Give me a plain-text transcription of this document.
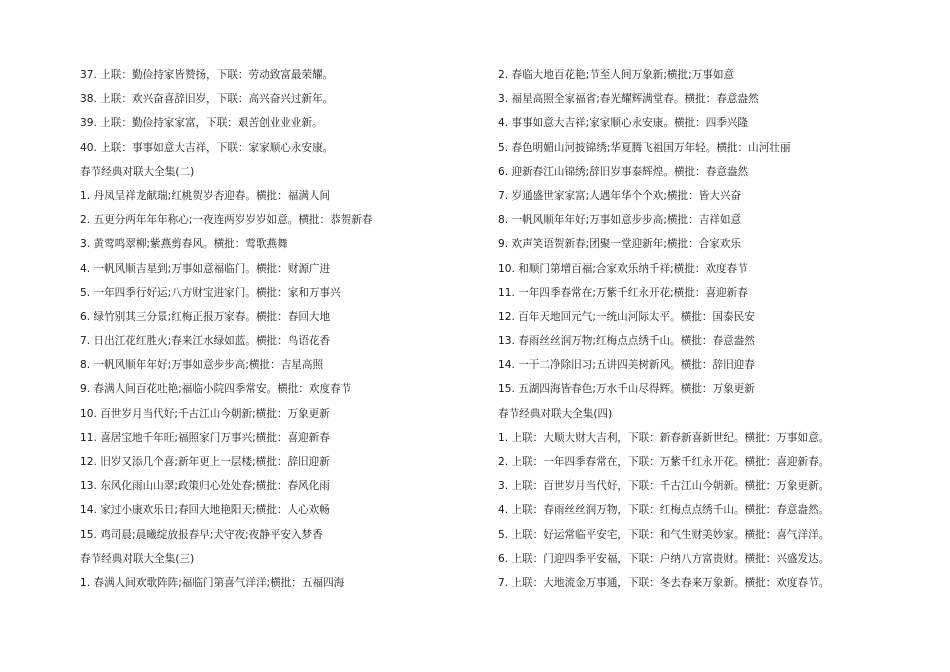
37. 上联：勤俭持家皆赞扬，下联：劳动致富最荣耀。
38. 上联：欢兴奋喜辞旧岁，下联：高兴奋兴过新年。
39. 上联：勤俭持家家富，下联：艰苦创业业业新。
40. 上联：事事如意大吉祥，下联：家家顺心永安康。
春节经典对联大全集(二)
1. 丹凤呈祥龙献瑞;红桃贺岁杏迎春。横批：福满人间
2. 五更分两年年年称心;一夜连两岁岁岁如意。横批：恭贺新春
3. 黄莺鸣翠柳;紫燕剪春风。横批：莺歌燕舞
4. 一帆风顺吉星到;万事如意福临门。横批：财源广进
5. 一年四季行好运;八方财宝进家门。横批：家和万事兴
6. 绿竹别其三分景;红梅正报万家春。横批：春回大地
7. 日出江花红胜火;春来江水绿如蓝。横批：鸟语花香
8. 一帆风顺年年好;万事如意步步高;横批：吉星高照
9. 春满人间百花吐艳;福临小院四季常安。横批：欢度春节
10. 百世岁月当代好;千古江山今朝新;横批：万象更新
11. 喜居宝地千年旺;福照家门万事兴;横批：喜迎新春
12. 旧岁又添几个喜;新年更上一层楼;横批：辞旧迎新
13. 东风化雨山山翠;政策归心处处春;横批：春风化雨
14. 家过小康欢乐日;春回大地艳阳天;横批：人心欢畅
15. 鸡司晨;晨曦绽放报春早;犬守夜;夜静平安入梦香
春节经典对联大全集(三)
1. 春满人间欢歌阵阵;福临门第喜气洋洋;横批：五福四海
2. 春临大地百花艳;节至人间万象新;横批;万事如意
3. 福星高照全家福省;春光耀辉满堂春。横批：春意盎然
4. 事事如意大吉祥;家家顺心永安康。横批：四季兴隆
5. 春色明媚山河披锦绣;华夏腾飞祖国万年轻。横批：山河壮丽
6. 迎新春江山锦绣;辞旧岁事泰辉煌。横批：春意盎然
7. 岁通盛世家家富;人遇年华个个欢;横批：皆大兴奋
8. 一帆风顺年年好;万事如意步步高;横批：吉祥如意
9. 欢声笑语贺新春;团聚一堂迎新年;横批：合家欢乐
10. 和顺门第增百福;合家欢乐纳千祥;横批：欢度春节
11. 一年四季春常在;万紫千红永开花;横批：喜迎新春
12. 百年天地回元气;一统山河际太平。横批：国泰民安
13. 春雨丝丝润万物;红梅点点绣千山。横批：春意盎然
14. 一干二净除旧习;五讲四美树新风。横批：辞旧迎春
15. 五湖四海皆春色;万水千山尽得辉。横批：万象更新
春节经典对联大全集(四)
1. 上联：大顺大财大吉利，下联：新春新喜新世纪。横批：万事如意。
2. 上联：一年四季春常在，下联：万紫千红永开花。横批：喜迎新春。
3. 上联：百世岁月当代好，下联：千古江山今朝新。横批：万象更新。
4. 上联：春雨丝丝润万物，下联：红梅点点绣千山。横批：春意盎然。
5. 上联：好运常临平安宅，下联：和气生财美妙家。横批：喜气洋洋。
6. 上联：门迎四季平安福，下联：户纳八方富贵财。横批：兴盛发达。
7. 上联：大地流金万事通，下联：冬去春来万象新。横批：欢度春节。
